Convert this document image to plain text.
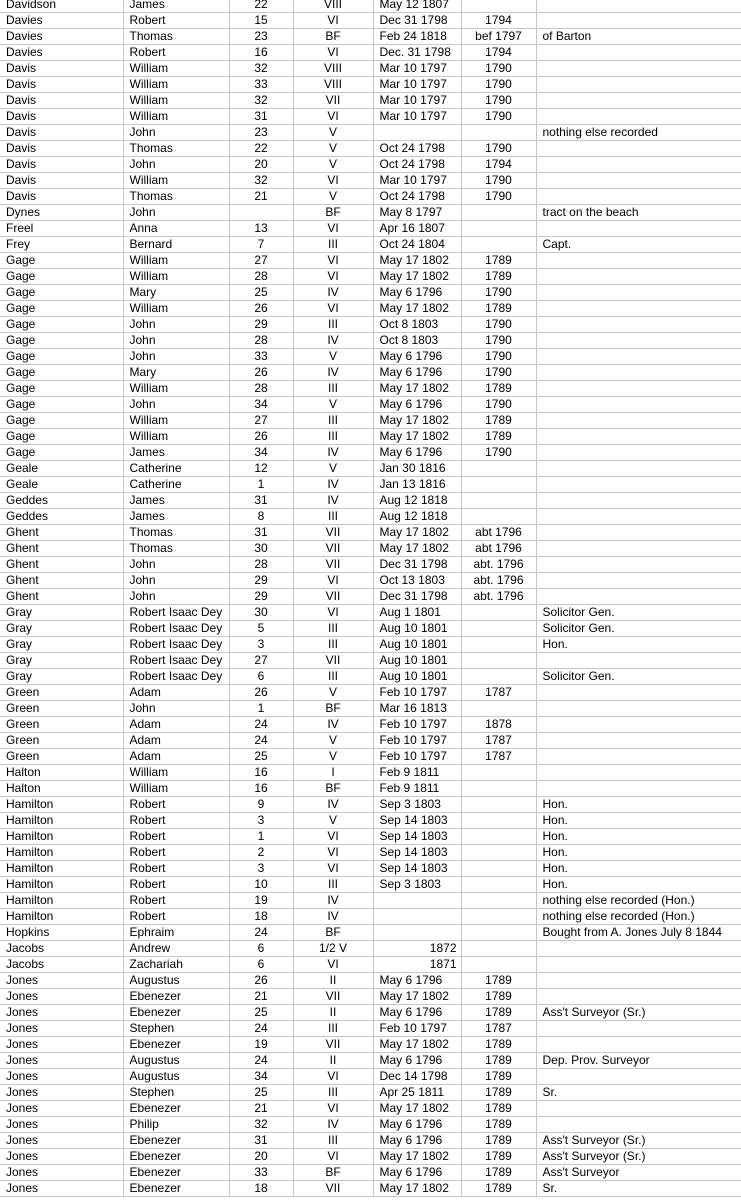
Davidson	James	22	VIII	May 12 1807		
Davies	Robert	15	VI	Dec 31 1798	1794	
Davies	Thomas	23	BF	Feb 24 1818	bef 1797	of Barton
Davies	Robert	16	VI	Dec. 31 1798	1794	
Davis	William	32	VIII	Mar 10 1797	1790	
Davis	William	33	VIII	Mar 10 1797	1790	
Davis	William	32	VII	Mar 10 1797	1790	
Davis	William	31	VI	Mar 10 1797	1790	
Davis	John	23	V			nothing else recorded
Davis	Thomas	22	V	Oct 24 1798	1790	
Davis	John	20	V	Oct 24 1798	1794	
Davis	William	32	VI	Mar 10 1797	1790	
Davis	Thomas	21	V	Oct 24 1798	1790	
Dynes	John		BF	May 8 1797		tract on the beach
Freel	Anna	13	VI	Apr 16 1807		
Frey	Bernard	7	III	Oct 24 1804		Capt.
Gage	William	27	VI	May 17 1802	1789	
Gage	William	28	VI	May 17 1802	1789	
Gage	Mary	25	IV	May 6 1796	1790	
Gage	William	26	VI	May 17 1802	1789	
Gage	John	29	III	Oct 8 1803	1790	
Gage	John	28	IV	Oct 8 1803	1790	
Gage	John	33	V	May 6 1796	1790	
Gage	Mary	26	IV	May 6 1796	1790	
Gage	William	28	III	May 17 1802	1789	
Gage	John	34	V	May 6 1796	1790	
Gage	William	27	III	May 17 1802	1789	
Gage	William	26	III	May 17 1802	1789	
Gage	James	34	IV	May 6 1796	1790	
Geale	Catherine	12	V	Jan 30 1816		
Geale	Catherine	1	IV	Jan 13 1816		
Geddes	James	31	IV	Aug 12 1818		
Geddes	James	8	III	Aug 12 1818		
Ghent	Thomas	31	VII	May 17 1802	abt 1796	
Ghent	Thomas	30	VII	May 17 1802	abt 1796	
Ghent	John	28	VII	Dec 31 1798	abt. 1796	
Ghent	John	29	VI	Oct 13 1803	abt. 1796	
Ghent	John	29	VII	Dec 31 1798	abt. 1796	
Gray	Robert Isaac Dey	30	VI	Aug 1 1801		Solicitor Gen.
Gray	Robert Isaac Dey	5	III	Aug 10 1801		Solicitor Gen.
Gray	Robert Isaac Dey	3	III	Aug 10 1801		Hon.
Gray	Robert Isaac Dey	27	VII	Aug 10 1801		
Gray	Robert Isaac Dey	6	III	Aug 10 1801		Solicitor Gen.
Green	Adam	26	V	Feb 10 1797	1787	
Green	John	1	BF	Mar 16 1813		
Green	Adam	24	IV	Feb 10 1797	1878	
Green	Adam	24	V	Feb 10 1797	1787	
Green	Adam	25	V	Feb 10 1797	1787	
Halton	William	16	I	Feb 9 1811		
Halton	William	16	BF	Feb 9 1811		
Hamilton	Robert	9	IV	Sep 3 1803		Hon.
Hamilton	Robert	3	V	Sep 14 1803		Hon.
Hamilton	Robert	1	VI	Sep 14 1803		Hon.
Hamilton	Robert	2	VI	Sep 14 1803		Hon.
Hamilton	Robert	3	VI	Sep 14 1803		Hon.
Hamilton	Robert	10	III	Sep 3 1803		Hon.
Hamilton	Robert	19	IV			nothing else recorded (Hon.)
Hamilton	Robert	18	IV			nothing else recorded (Hon.)
Hopkins	Ephraim	24	BF			Bought from A. Jones July 8 1844
Jacobs	Andrew	6	1/2 V	1872		
Jacobs	Zachariah	6	VI	1871		
Jones	Augustus	26	II	May 6 1796	1789	
Jones	Ebenezer	21	VII	May 17 1802	1789	
Jones	Ebenezer	25	II	May 6 1796	1789	Ass't Surveyor (Sr.)
Jones	Stephen	24	III	Feb 10 1797	1787	
Jones	Ebenezer	19	VII	May 17 1802	1789	
Jones	Augustus	24	II	May 6 1796	1789	Dep. Prov. Surveyor
Jones	Augustus	34	VI	Dec 14 1798	1789	
Jones	Stephen	25	III	Apr 25 1811	1789	Sr.
Jones	Ebenezer	21	VI	May 17 1802	1789	
Jones	Philip	32	IV	May 6 1796	1789	
Jones	Ebenezer	31	III	May 6 1796	1789	Ass't Surveyor (Sr.)
Jones	Ebenezer	20	VI	May 17 1802	1789	Ass't Surveyor (Sr.)
Jones	Ebenezer	33	BF	May 6 1796	1789	Ass't Surveyor
Jones	Ebenezer	18	VII	May 17 1802	1789	Sr.
